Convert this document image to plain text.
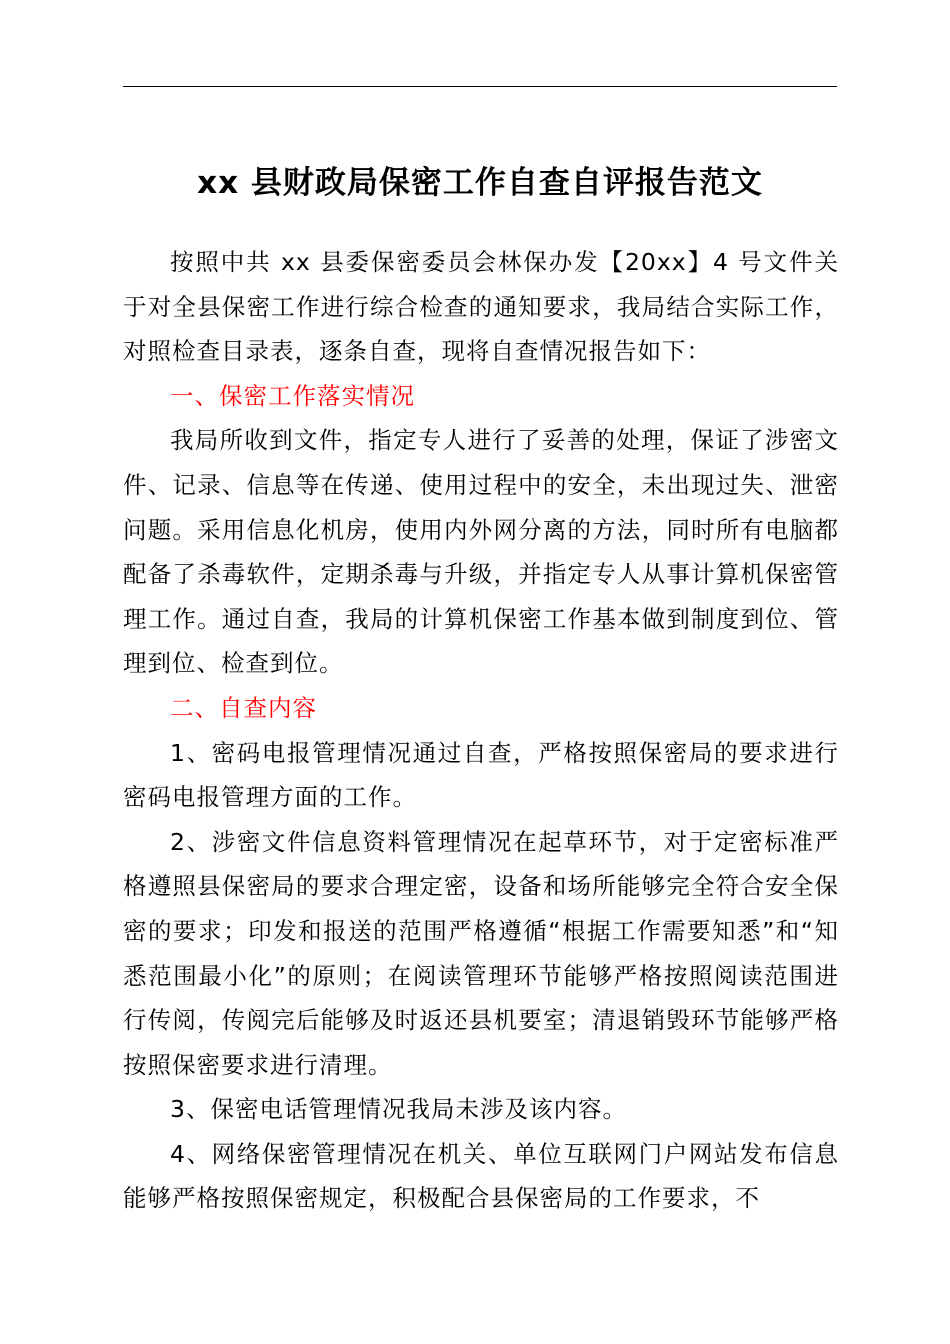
xx 县财政局保密工作自查自评报告范文

按照中共 xx 县委保密委员会林保办发【20xx】4 号文件关于对全县保密工作进行综合检查的通知要求，我局结合实际工作，对照检查目录表，逐条自查，现将自查情况报告如下：

一、保密工作落实情况

我局所收到文件，指定专人进行了妥善的处理，保证了涉密文件、记录、信息等在传递、使用过程中的安全，未出现过失、泄密问题。采用信息化机房，使用内外网分离的方法，同时所有电脑都配备了杀毒软件，定期杀毒与升级，并指定专人从事计算机保密管理工作。通过自查，我局的计算机保密工作基本做到制度到位、管理到位、检查到位。

二、自查内容

1、密码电报管理情况通过自查，严格按照保密局的要求进行密码电报管理方面的工作。

2、涉密文件信息资料管理情况在起草环节，对于定密标准严格遵照县保密局的要求合理定密，设备和场所能够完全符合安全保密的要求；印发和报送的范围严格遵循“根据工作需要知悉”和“知悉范围最小化”的原则；在阅读管理环节能够严格按照阅读范围进行传阅，传阅完后能够及时返还县机要室；清退销毁环节能够严格按照保密要求进行清理。

3、保密电话管理情况我局未涉及该内容。

4、网络保密管理情况在机关、单位互联网门户网站发布信息能够严格按照保密规定，积极配合县保密局的工作要求，不
